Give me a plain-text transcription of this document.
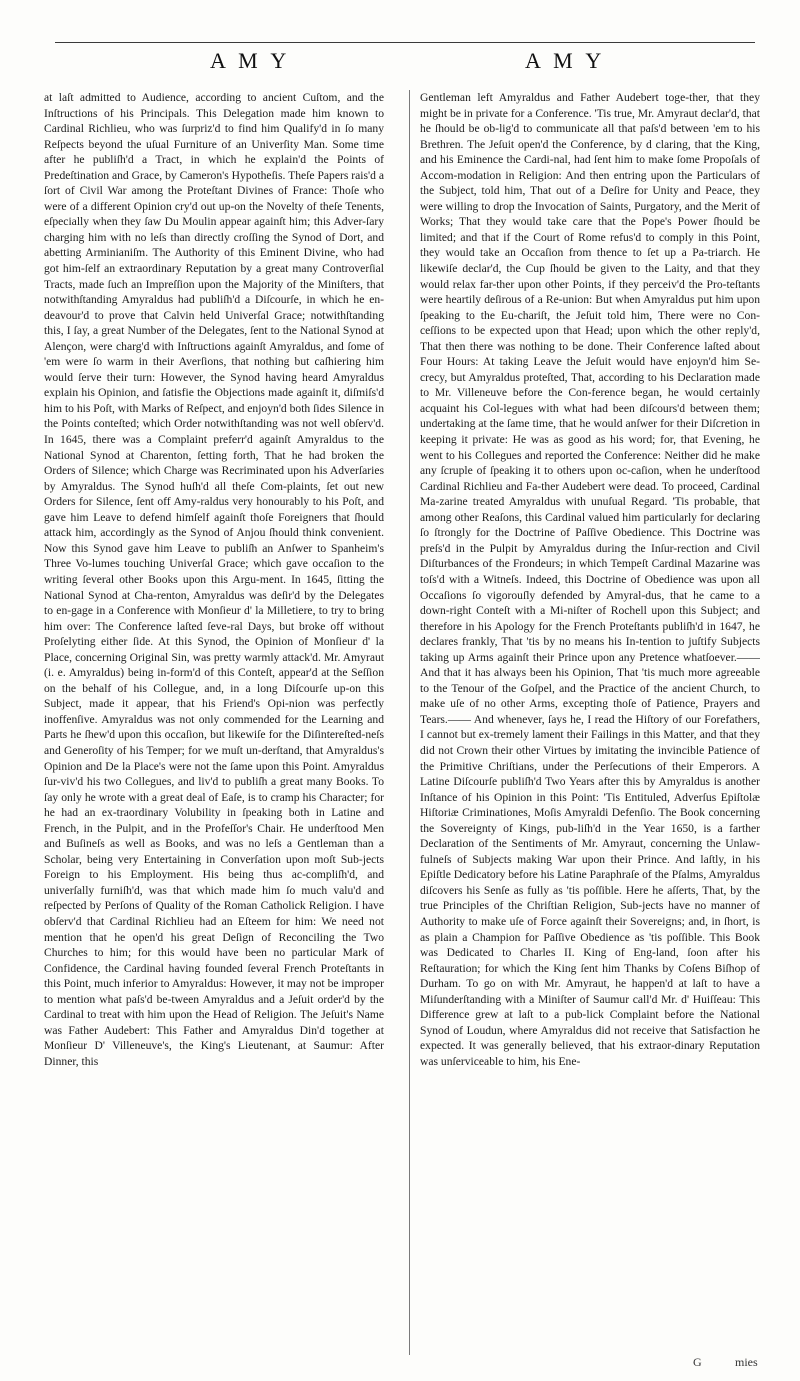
A M Y	A M Y

at laſt admitted to Audience, according to ancient Cuſtom, and the Inſtructions of his Principals. This Delegation made him known to Cardinal Richlieu, who was ſurpriz'd to find him Qualify'd in ſo many Reſpects beyond the uſual Furniture of an Univerſity Man. Some time after he publiſh'd a Tract, in which he explain'd the Points of Predeſtination and Grace, by Cameron's Hypotheſis. Theſe Papers rais'd a ſort of Civil War among the Proteſtant Divines of France: Thoſe who were of a different Opinion cry'd out up-on the Novelty of theſe Tenents, eſpecially when they ſaw Du Moulin appear againſt him; this Adver-ſary charging him with no leſs than directly croſſing the Synod of Dort, and abetting Arminianiſm. The Authority of this Eminent Divine, who had got him-ſelf an extraordinary Reputation by a great many Controverſial Tracts, made ſuch an Impreſſion upon the Majority of the Miniſters, that notwithſtanding Amyraldus had publiſh'd a Diſcourſe, in which he en-deavour'd to prove that Calvin held Univerſal Grace; notwithſtanding this, I ſay, a great Number of the Delegates, ſent to the National Synod at Alençon, were charg'd with Inſtructions againſt Amyraldus, and ſome of 'em were ſo warm in their Averſions, that nothing but caſhiering him would ſerve their turn: However, the Synod having heard Amyraldus explain his Opinion, and ſatisfie the Objections made againſt it, diſmiſs'd him to his Poſt, with Marks of Reſpect, and enjoyn'd both ſides Silence in the Points conteſted; which Order notwithſtanding was not well obſerv'd. In 1645, there was a Complaint preferr'd againſt Amyraldus to the National Synod at Charenton, ſetting forth, That he had broken the Orders of Silence; which Charge was Recriminated upon his Adverſaries by Amyraldus. The Synod huſh'd all theſe Com-plaints, ſet out new Orders for Silence, ſent off Amy-raldus very honourably to his Poſt, and gave him Leave to defend himſelf againſt thoſe Foreigners that ſhould attack him, accordingly as the Synod of Anjou ſhould think convenient. Now this Synod gave him Leave to publiſh an Anſwer to Spanheim's Three Vo-lumes touching Univerſal Grace; which gave occaſion to the writing ſeveral other Books upon this Argu-ment. In 1645, ſitting the National Synod at Cha-renton, Amyraldus was deſir'd by the Delegates to en-gage in a Conference with Monſieur d' la Milletiere, to try to bring him over: The Conference laſted ſeve-ral Days, but broke off without Proſelyting either ſide. At this Synod, the Opinion of Monſieur d' la Place, concerning Original Sin, was pretty warmly attack'd. Mr. Amyraut (i. e. Amyraldus) being in-form'd of this Conteſt, appear'd at the Seſſion on the behalf of his Collegue, and, in a long Diſcourſe up-on this Subject, made it appear, that his Friend's Opi-nion was perfectly inoffenſive. Amyraldus was not only commended for the Learning and Parts he ſhew'd upon this occaſion, but likewiſe for the Diſintereſted-neſs and Generoſity of his Temper; for we muſt un-derſtand, that Amyraldus's Opinion and De la Place's were not the ſame upon this Point. Amyraldus ſur-viv'd his two Collegues, and liv'd to publiſh a great many Books. To ſay only he wrote with a great deal of Eaſe, is to cramp his Character; for he had an ex-traordinary Volubility in ſpeaking both in Latine and French, in the Pulpit, and in the Profeſſor's Chair. He underſtood Men and Buſineſs as well as Books, and was no leſs a Gentleman than a Scholar, being very Entertaining in Converſation upon moſt Sub-jects Foreign to his Employment. His being thus ac-compliſh'd, and univerſally furniſh'd, was that which made him ſo much valu'd and reſpected by Perſons of Quality of the Roman Catholick Religion. I have obſerv'd that Cardinal Richlieu had an Eſteem for him: We need not mention that he open'd his great Deſign of Reconciling the Two Churches to him; for this would have been no particular Mark of Confidence, the Cardinal having founded ſeveral French Proteſtants in this Point, much inferior to Amyraldus: However, it may not be improper to mention what paſs'd be-tween Amyraldus and a Jeſuit order'd by the Cardinal to treat with him upon the Head of Religion. The Jeſuit's Name was Father Audebert: This Father and Amyraldus Din'd together at Monſieur D' Villeneuve's, the King's Lieutenant, at Saumur: After Dinner, this

Gentleman left Amyraldus and Father Audebert toge-ther, that they might be in private for a Conference. 'Tis true, Mr. Amyraut declar'd, that he ſhould be ob-lig'd to communicate all that paſs'd between 'em to his Brethren. The Jeſuit open'd the Conference, by d claring, that the King, and his Eminence the Cardi-nal, had ſent him to make ſome Propoſals of Accom-modation in Religion: And then entring upon the Particulars of the Subject, told him, That out of a Deſire for Unity and Peace, they were willing to drop the Invocation of Saints, Purgatory, and the Merit of Works; That they would take care that the Pope's Power ſhould be limited; and that if the Court of Rome refus'd to comply in this Point, they would take an Occaſion from thence to ſet up a Pa-triarch. He likewiſe declar'd, the Cup ſhould be given to the Laity, and that they would relax far-ther upon other Points, if they perceiv'd the Pro-teſtants were heartily deſirous of a Re-union: But when Amyraldus put him upon ſpeaking to the Eu-chariſt, the Jeſuit told him, There were no Con-ceſſions to be expected upon that Head; upon which the other reply'd, That then there was nothing to be done. Their Conference laſted about Four Hours: At taking Leave the Jeſuit would have enjoyn'd him Se-crecy, but Amyraldus proteſted, That, according to his Declaration made to Mr. Villeneuve before the Con-ference began, he would certainly acquaint his Col-legues with what had been diſcours'd between them; undertaking at the ſame time, that he would anſwer for their Diſcretion in keeping it private: He was as good as his word; for, that Evening, he went to his Collegues and reported the Conference: Neither did he make any ſcruple of ſpeaking it to others upon oc-caſion, when he underſtood Cardinal Richlieu and Fa-ther Audebert were dead. To proceed, Cardinal Ma-zarine treated Amyraldus with unuſual Regard. 'Tis probable, that among other Reaſons, this Cardinal valued him particularly for declaring ſo ſtrongly for the Doctrine of Paſſive Obedience. This Doctrine was preſs'd in the Pulpit by Amyraldus during the Inſur-rection and Civil Diſturbances of the Frondeurs; in which Tempeſt Cardinal Mazarine was toſs'd with a Witneſs. Indeed, this Doctrine of Obedience was upon all Occaſions ſo vigorouſly defended by Amyral-dus, that he came to a down-right Conteſt with a Mi-niſter of Rochell upon this Subject; and therefore in his Apology for the French Proteſtants publiſh'd in 1647, he declares frankly, That 'tis by no means his In-tention to juſtify Subjects taking up Arms againſt their Prince upon any Pretence whatſoever.—— And that it has always been his Opinion, That 'tis much more agreeable to the Tenour of the Goſpel, and the Practice of the ancient Church, to make uſe of no other Arms, excepting thoſe of Patience, Prayers and Tears.—— And whenever, ſays he, I read the Hiſtory of our Forefathers, I cannot but ex-tremely lament their Failings in this Matter, and that they did not Crown their other Virtues by imitating the invincible Patience of the Primitive Chriſtians, under the Perſecutions of their Emperors. A Latine Diſcourſe publiſh'd Two Years after this by Amyraldus is another Inſtance of his Opinion in this Point: 'Tis Entituled, Adverſus Epiſtolæ Hiſtoriæ Criminationes, Moſis Amyraldi Defenſio. The Book concerning the Sovereignty of Kings, pub-liſh'd in the Year 1650, is a farther Declaration of the Sentiments of Mr. Amyraut, concerning the Unlaw-fulneſs of Subjects making War upon their Prince. And laſtly, in his Epiſtle Dedicatory before his Latine Paraphraſe of the Pſalms, Amyraldus diſcovers his Senſe as fully as 'tis poſſible. Here he aſſerts, That, by the true Principles of the Chriſtian Religion, Sub-jects have no manner of Authority to make uſe of Force againſt their Sovereigns; and, in ſhort, is as plain a Champion for Paſſive Obedience as 'tis poſſible. This Book was Dedicated to Charles II. King of Eng-land, ſoon after his Reſtauration; for which the King ſent him Thanks by Coſens Biſhop of Durham. To go on with Mr. Amyraut, he happen'd at laſt to have a Miſunderſtanding with a Miniſter of Saumur call'd Mr. d' Huiſſeau: This Difference grew at laſt to a pub-lick Complaint before the National Synod of Loudun, where Amyraldus did not receive that Satisfaction he expected. It was generally believed, that his extraor-dinary Reputation was unſerviceable to him, his Ene-

G	mies
